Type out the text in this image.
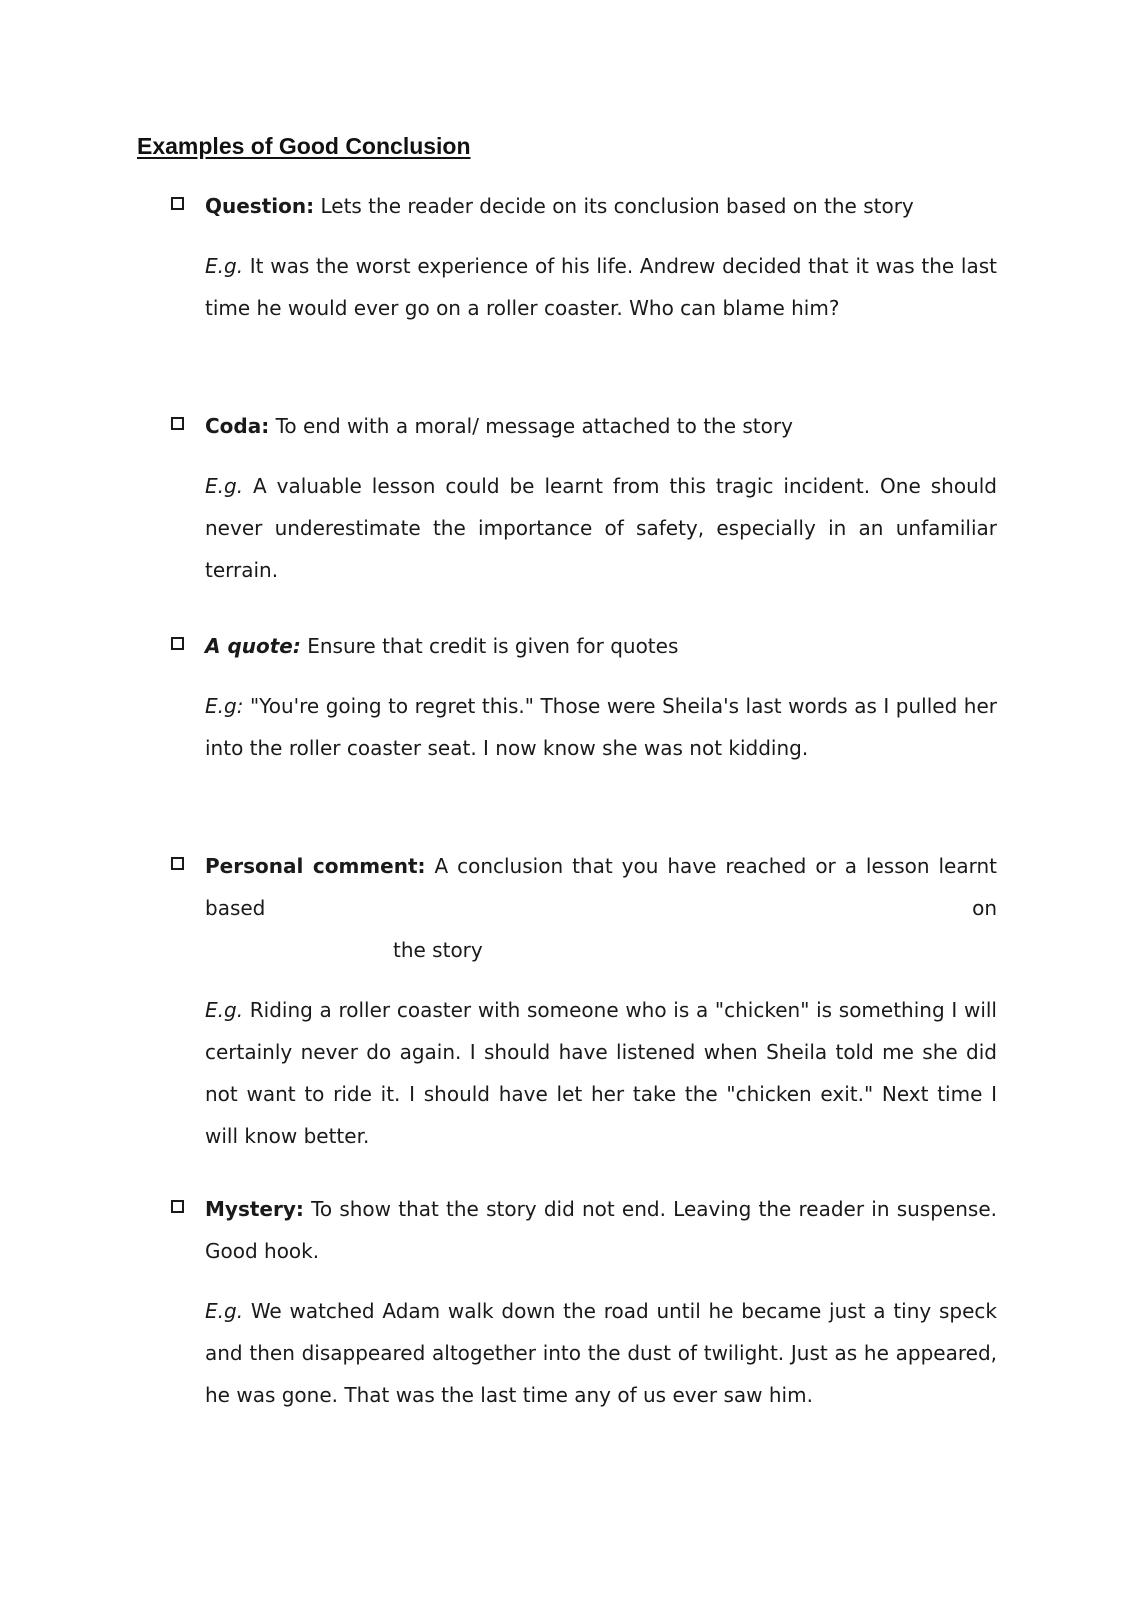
Examples of Good Conclusion
Question: Lets the reader decide on its conclusion based on the story
E.g. It was the worst experience of his life. Andrew decided that it was the last time he would ever go on a roller coaster. Who can blame him?
Coda: To end with a moral/ message attached to the story
E.g. A valuable lesson could be learnt from this tragic incident. One should never underestimate the importance of safety, especially in an unfamiliar terrain.
A quote: Ensure that credit is given for quotes
E.g: "You're going to regret this." Those were Sheila's last words as I pulled her into the roller coaster seat. I now know she was not kidding.
Personal comment: A conclusion that you have reached or a lesson learnt based on
the story
E.g. Riding a roller coaster with someone who is a "chicken" is something I will certainly never do again. I should have listened when Sheila told me she did not want to ride it. I should have let her take the "chicken exit." Next time I will know better.
Mystery: To show that the story did not end. Leaving the reader in suspense. Good hook.
E.g. We watched Adam walk down the road until he became just a tiny speck and then disappeared altogether into the dust of twilight. Just as he appeared, he was gone. That was the last time any of us ever saw him.
